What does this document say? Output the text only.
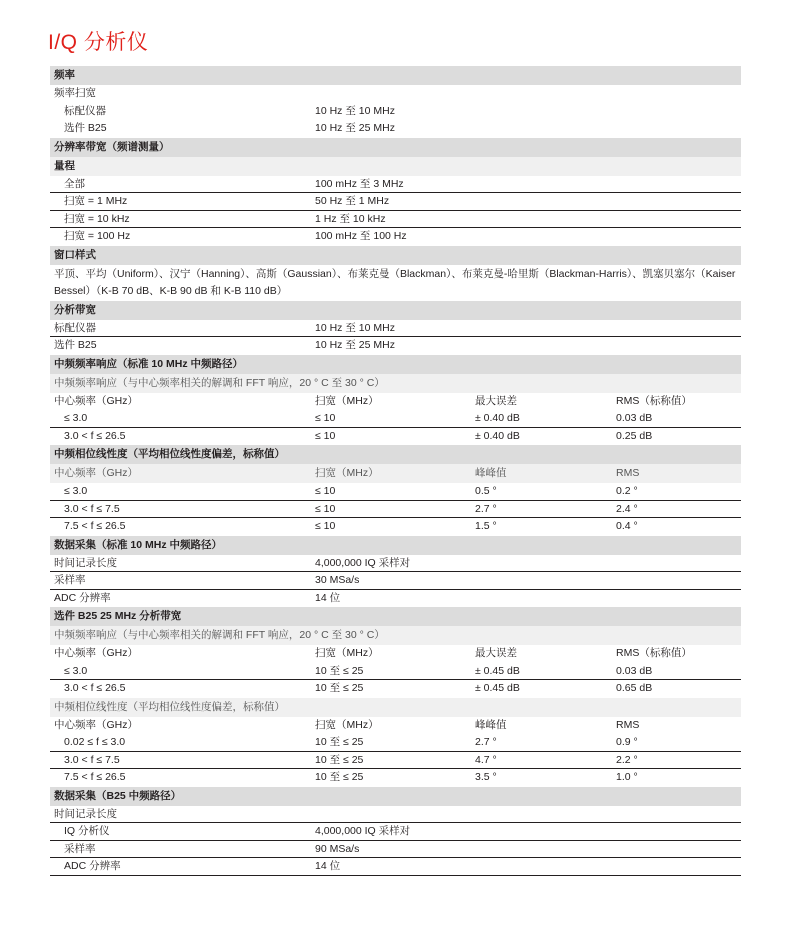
I/Q 分析仪
频率
频率扫宽
标配仪器	10 Hz 至 10 MHz
选件 B25	10 Hz 至 25 MHz
分辨率带宽（频谱测量）
量程
全部	100 mHz 至 3 MHz
扫宽 = 1 MHz	50 Hz 至 1 MHz
扫宽 = 10 kHz	1 Hz 至 10 kHz
扫宽 = 100 Hz	100 mHz 至 100 Hz
窗口样式
平顶、平均（Uniform）、汉宁（Hanning）、高斯（Gaussian）、布莱克曼（Blackman）、布莱克曼-哈里斯（Blackman-Harris）、凯塞贝塞尔（Kaiser Bessel）（K-B 70 dB、K-B 90 dB 和 K-B 110 dB）
分析带宽
标配仪器	10 Hz 至 10 MHz
选件 B25	10 Hz 至 25 MHz
中频频率响应（标准 10 MHz 中频路径）
中频频率响应（与中心频率相关的解调和 FFT 响应，20 ° C 至 30 ° C）
中心频率（GHz）	扫宽（MHz）	最大误差	RMS（标称值）
≤ 3.0	≤ 10	± 0.40 dB	0.03 dB
3.0 < f ≤ 26.5	≤ 10	± 0.40 dB	0.25 dB
中频相位线性度（平均相位线性度偏差，标称值）
中心频率（GHz）	扫宽（MHz）	峰峰值	RMS
≤ 3.0	≤ 10	0.5 °	0.2 °
3.0 < f ≤ 7.5	≤ 10	2.7 °	2.4 °
7.5 < f ≤ 26.5	≤ 10	1.5 °	0.4 °
数据采集（标准 10 MHz 中频路径）
时间记录长度	4,000,000 IQ 采样对
采样率	30 MSa/s
ADC 分辨率	14 位
选件 B25 25 MHz 分析带宽
中频频率响应（与中心频率相关的解调和 FFT 响应，20 ° C 至 30 ° C）
中心频率（GHz）	扫宽（MHz）	最大误差	RMS（标称值）
≤ 3.0	10 至 ≤ 25	± 0.45 dB	0.03 dB
3.0 < f ≤ 26.5	10 至 ≤ 25	± 0.45 dB	0.65 dB
中频相位线性度（平均相位线性度偏差，标称值）
中心频率（GHz）	扫宽（MHz）	峰峰值	RMS
0.02 ≤ f ≤ 3.0	10 至 ≤ 25	2.7 °	0.9 °
3.0 < f ≤ 7.5	10 至 ≤ 25	4.7 °	2.2 °
7.5 < f ≤ 26.5	10 至 ≤ 25	3.5 °	1.0 °
数据采集（B25 中频路径）
时间记录长度
IQ 分析仪	4,000,000 IQ 采样对
采样率	90 MSa/s
ADC 分辨率	14 位
